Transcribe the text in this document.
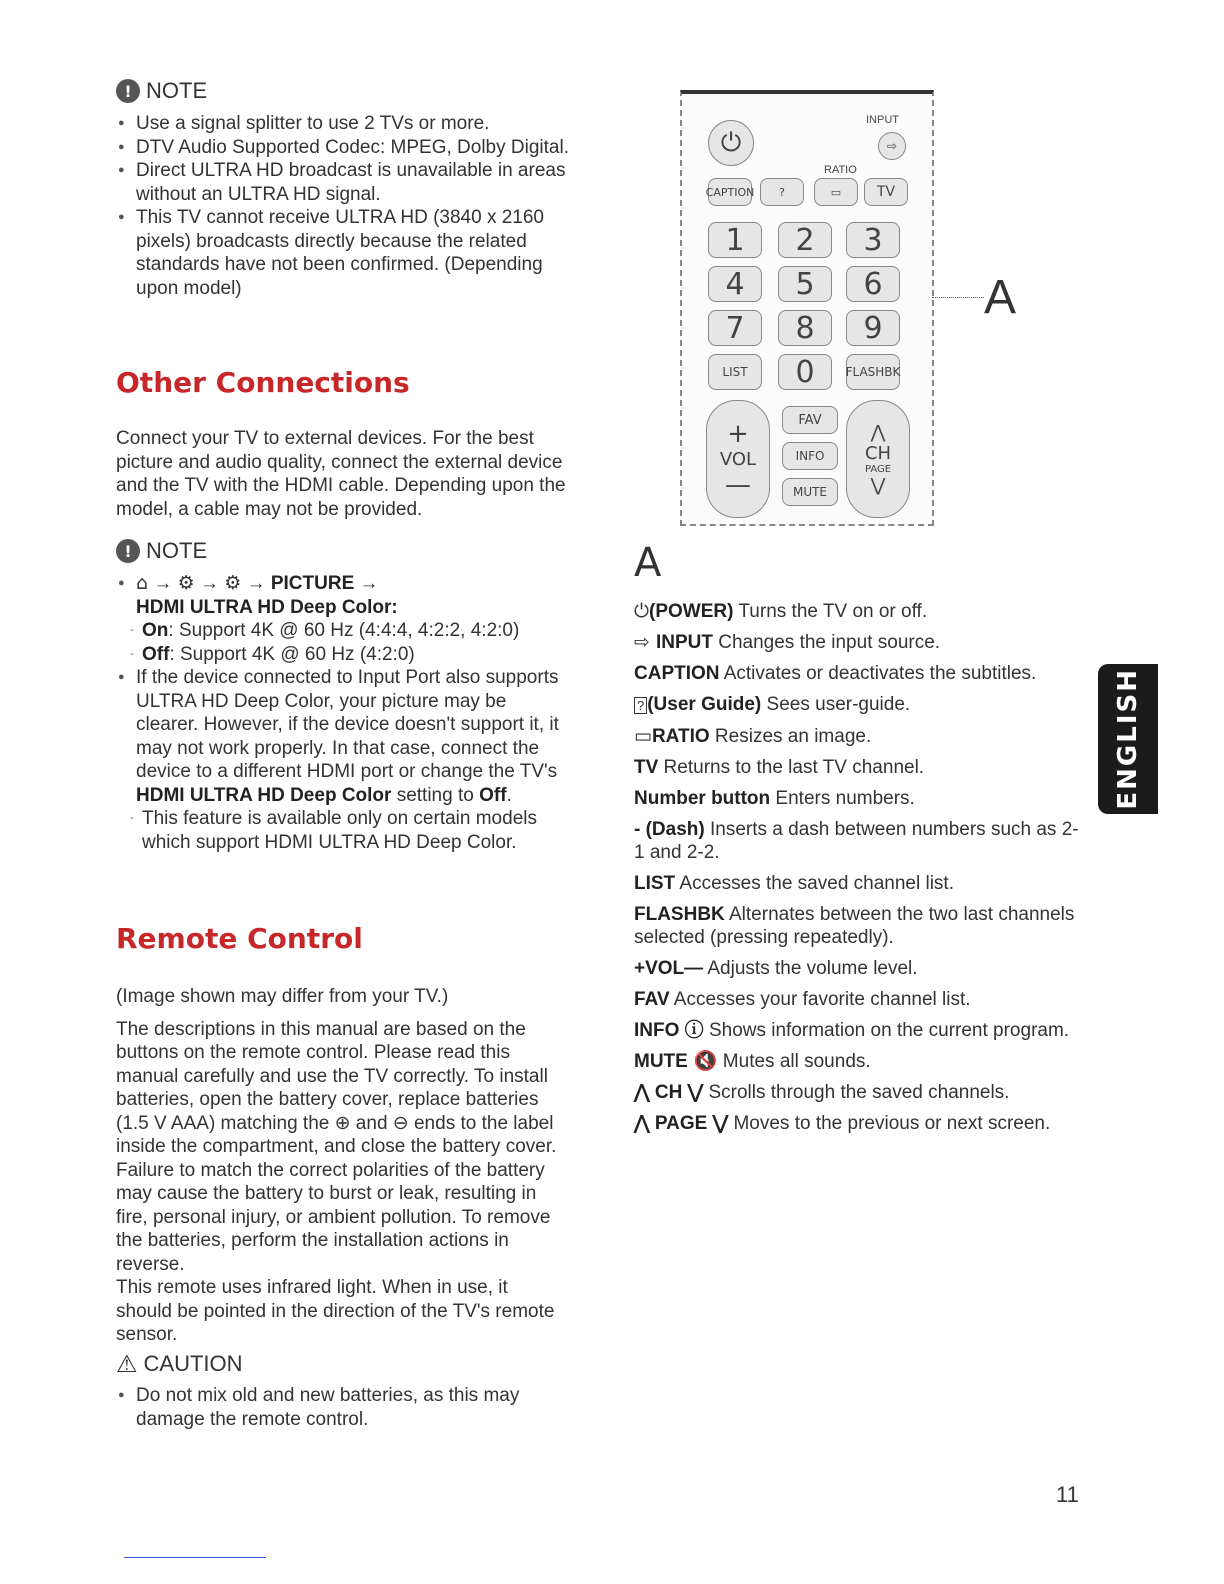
! NOTE
● Use a signal splitter to use 2 TVs or more.
● DTV Audio Supported Codec: MPEG, Dolby Digital.
● Direct ULTRA HD broadcast is unavailable in areas without an ULTRA HD signal.
● This TV cannot receive ULTRA HD (3840 x 2160 pixels) broadcasts directly because the related standards have not been confirmed. (Depending upon model)
Other Connections

Connect your TV to external devices. For the best picture and audio quality, connect the external device and the TV with the HDMI cable. Depending upon the model, a cable may not be provided.

! NOTE
● ⌂ → ⚙ → ⚙ → PICTURE →
HDMI ULTRA HD Deep Color:
- On: Support 4K @ 60 Hz (4:4:4, 4:2:2, 4:2:0)
- Off: Support 4K @ 60 Hz (4:2:0)
● If the device connected to Input Port also supports ULTRA HD Deep Color, your picture may be clearer. However, if the device doesn't support it, it may not work properly. In that case, connect the device to a different HDMI port or change the TV's HDMI ULTRA HD Deep Color setting to Off.
- This feature is available only on certain models which support HDMI ULTRA HD Deep Color.
Remote Control

(Image shown may differ from your TV.)

The descriptions in this manual are based on the buttons on the remote control. Please read this manual carefully and use the TV correctly. To install batteries, open the battery cover, replace batteries (1.5 V AAA) matching the ⊕ and ⊖ ends to the label inside the compartment, and close the battery cover. Failure to match the correct polarities of the battery may cause the battery to burst or leak, resulting in fire, personal injury, or ambient pollution. To remove the batteries, perform the installation actions in reverse.

This remote uses infrared light. When in use, it should be pointed in the direction of the TV's remote sensor.

⚠ CAUTION
● Do not mix old and new batteries, as this may damage the remote control.
⏻
INPUT
⇨
RATIO
CAPTION	?	▭	TV
1	2	3
4	5	6
7	8	9
LIST	0	FLASHBK
+
VOL
—
FAV
INFO
MUTE
⋀
CH
PAGE
⋁
A
A
⏻(POWER) Turns the TV on or off.
⇨ INPUT Changes the input source.
CAPTION Activates or deactivates the subtitles.
? (User Guide) Sees user-guide.
▭RATIO Resizes an image.
TV Returns to the last TV channel.
Number button Enters numbers.
- (Dash) Inserts a dash between numbers such as 2-1 and 2-2.
LIST Accesses the saved channel list.
FLASHBK Alternates between the two last channels selected (pressing repeatedly).
+VOL— Adjusts the volume level.
FAV Accesses your favorite channel list.
INFO ⓘ Shows information on the current program.
MUTE 🔇 Mutes all sounds.
⋀ CH ⋁ Scrolls through the saved channels.
⋀ PAGE ⋁ Moves to the previous or next screen.
ENGLISH
11
